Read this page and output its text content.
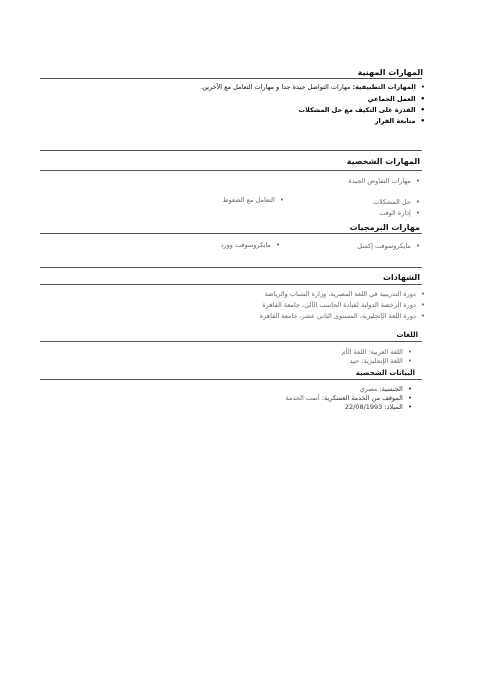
المهارات المهنية
•المهارات التطبيقية: مهارات التواصل جيدة جدا و مهارات التعامل مع الآخرين.
•العمل الجماعي
•القدرة على التكيف مع حل المشكلات
•متابعة القرار
المهارات الشخصية
•مهارات التفاوض الجيدة
•حل المشكلات
•التعامل مع الضغوط
•إدارة الوقت
مهارات البرمجيات
•مايكروسوفت إكسل
•مايكروسوفت وورد
الشهادات
•دورة التدريبية في اللغة المصرية، وزارة الشباب والرياضة
•دورة الرخصة الدولية لقيادة الحاسب الآلي، جامعة القاهرة
•دورة اللغة الإنجليزية، المستوى الثاني عشر، جامعة القاهرة
اللغات
•اللغة العربية: اللغة الأم
•اللغة الإنجليزية: جيد
البيانات الشخصية
•الجنسية: مصري
•الموقف من الخدمة العسكرية: أتمت الخدمة
•الميلاد: 22/08/1993
